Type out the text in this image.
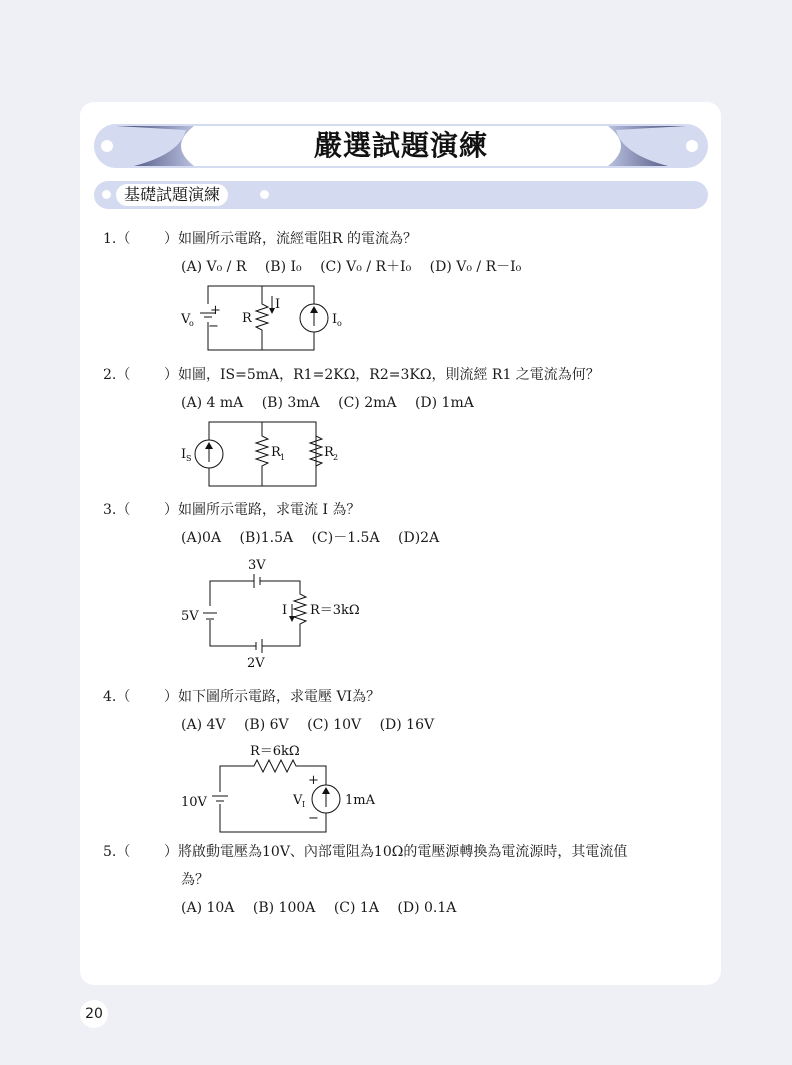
嚴選試題演練
基礎試題演練
1.（	）如圖所示電路，流經電阻R 的電流為？
(A) V₀ / R (B) I₀ (C) V₀ / R＋I₀ (D) V₀ / R－I₀
V
o
+
−
R
I
I o
2.（	）如圖，IS=5mA，R1=2KΩ，R2=3KΩ，則流經 R1 之電流為何？
(A) 4 mA (B) 3mA (C) 2mA (D) 1mA
I S	R 1	R 2
3.（	）如圖所示電路，求電流 I 為？
(A)0A (B)1.5A (C)－1.5A (D)2A
3V
5V
2V
I R＝3kΩ
4.（	）如下圖所示電路，求電壓 VI為？
(A) 4V (B) 6V (C) 10V (D) 16V
R＝6kΩ
10V	V I
+
−
1mA
5.（	）將啟動電壓為10V、內部電阻為10Ω的電壓源轉換為電流源時，其電流值
為？
(A) 10A (B) 100A (C) 1A (D) 0.1A
20
